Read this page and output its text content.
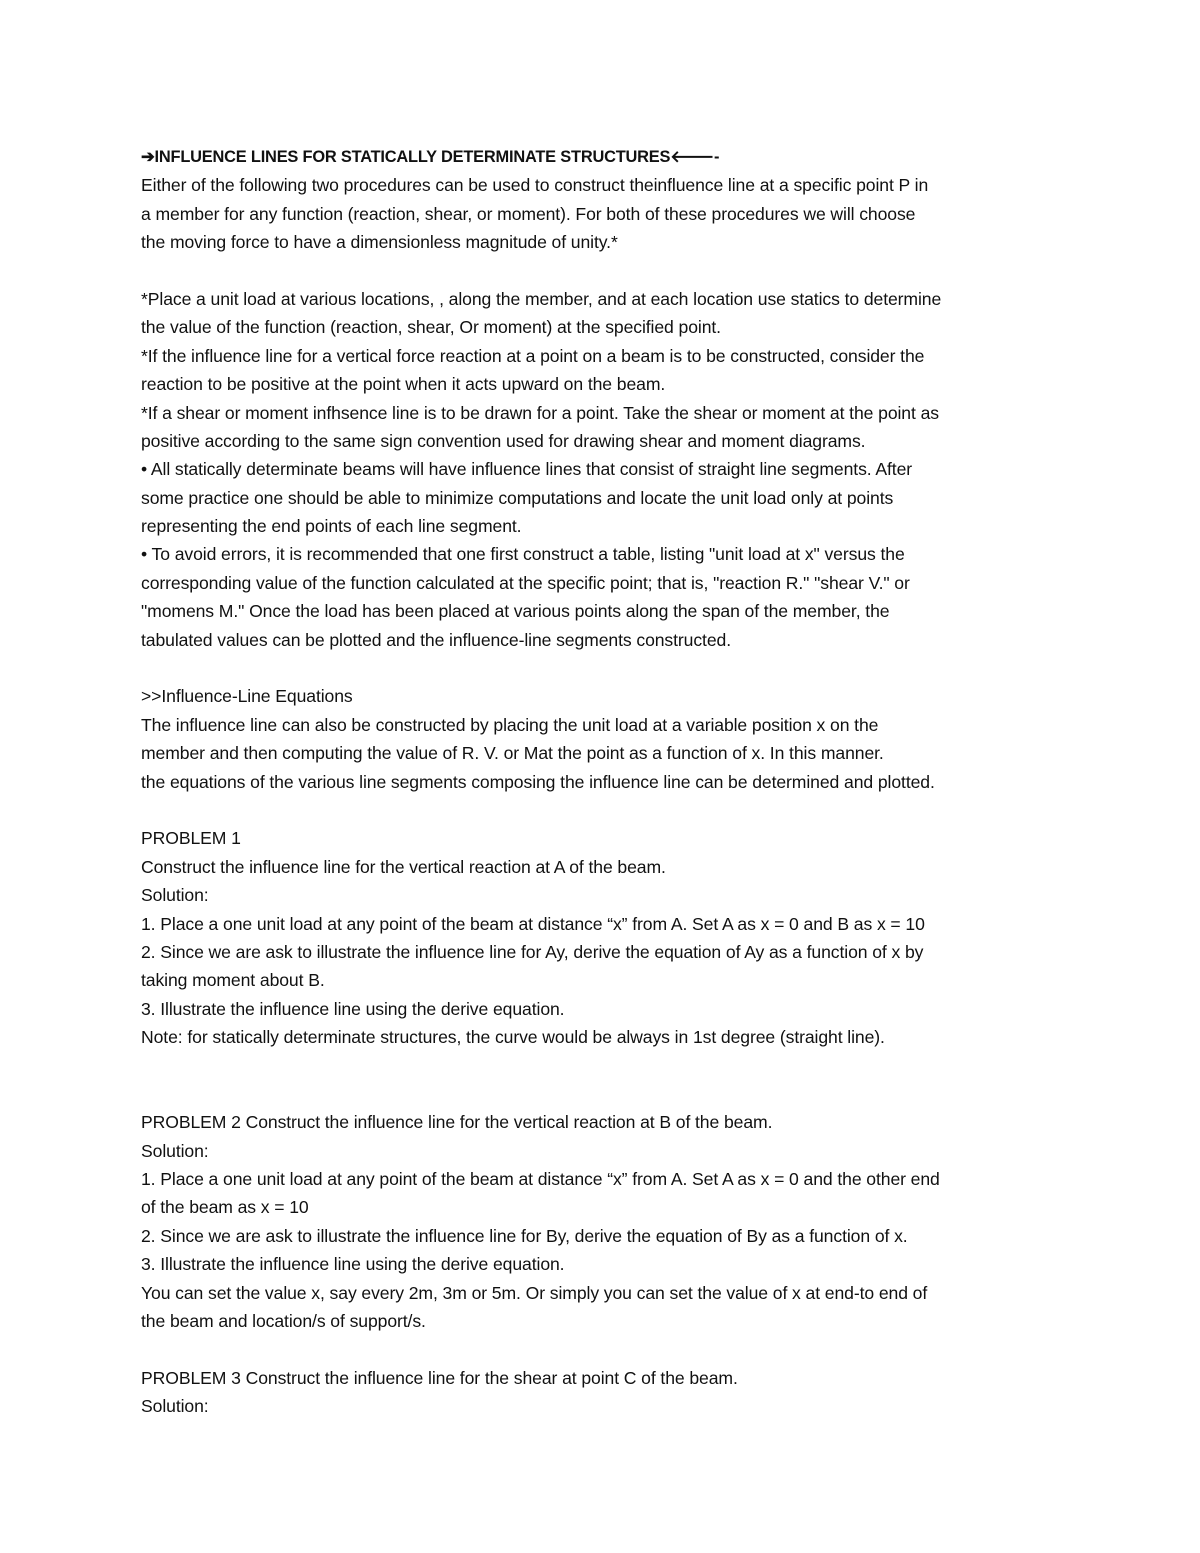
➔INFLUENCE LINES FOR STATICALLY DETERMINATE STRUCTURES🡐-
Either of the following two procedures can be used to construct theinfluence line at a specific point P in
a member for any function (reaction, shear, or moment). For both of these procedures we will choose
the moving force to have a dimensionless magnitude of unity.*
*Place a unit load at various locations, , along the member, and at each location use statics to determine
the value of the function (reaction, shear, Or moment) at the specified point.
*If the influence line for a vertical force reaction at a point on a beam is to be constructed, consider the
reaction to be positive at the point when it acts upward on the beam.
*If a shear or moment infhsence line is to be drawn for a point. Take the shear or moment at the point as
positive according to the same sign convention used for drawing shear and moment diagrams.
• All statically determinate beams will have influence lines that consist of straight line segments. After
some practice one should be able to minimize computations and locate the unit load only at points
representing the end points of each line segment.
• To avoid errors, it is recommended that one first construct a table, listing "unit load at x" versus the
corresponding value of the function calculated at the specific point; that is, "reaction R." "shear V." or
"momens M." Once the load has been placed at various points along the span of the member, the
tabulated values can be plotted and the influence-line segments constructed.
>>Influence-Line Equations
The influence line can also be constructed by placing the unit load at a variable position x on the
member and then computing the value of R. V. or Mat the point as a function of x. In this manner.
the equations of the various line segments composing the influence line can be determined and plotted.
PROBLEM 1
Construct the influence line for the vertical reaction at A of the beam.
Solution:
1. Place a one unit load at any point of the beam at distance “x” from A. Set A as x = 0 and B as x = 10
2. Since we are ask to illustrate the influence line for Ay, derive the equation of Ay as a function of x by
taking moment about B.
3. Illustrate the influence line using the derive equation.
Note: for statically determinate structures, the curve would be always in 1st degree (straight line).
PROBLEM 2 Construct the influence line for the vertical reaction at B of the beam.
Solution:
1. Place a one unit load at any point of the beam at distance “x” from A. Set A as x = 0 and the other end
of the beam as x = 10
2. Since we are ask to illustrate the influence line for By, derive the equation of By as a function of x.
3. Illustrate the influence line using the derive equation.
You can set the value x, say every 2m, 3m or 5m. Or simply you can set the value of x at end-to end of
the beam and location/s of support/s.
PROBLEM 3 Construct the influence line for the shear at point C of the beam.
Solution:
